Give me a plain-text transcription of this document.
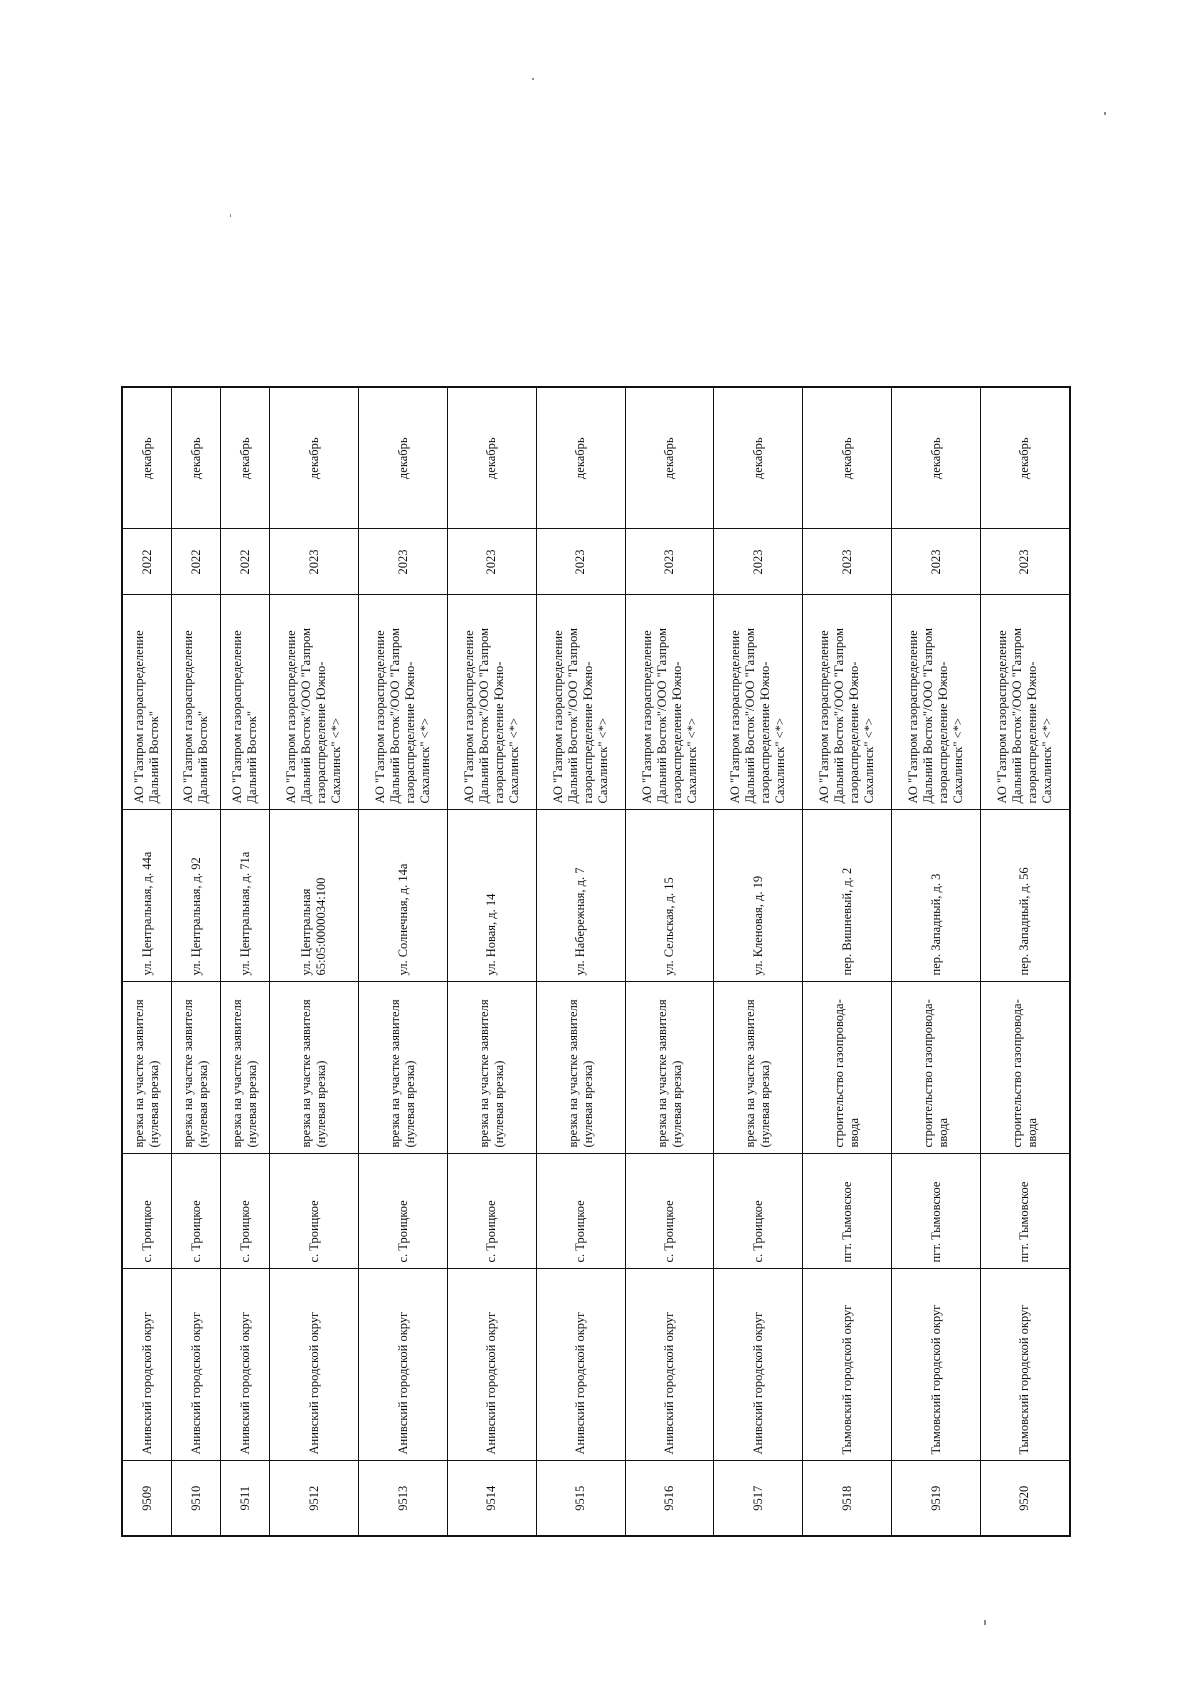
9509	Анивский городской округ	с. Троицкое	врезка на участке заявителя (нулевая врезка)	ул. Центральная, д. 44а	АО "Газпром газораспределение Дальний Восток"	2022	декабрь
9510	Анивский городской округ	с. Троицкое	врезка на участке заявителя (нулевая врезка)	ул. Центральная, д. 92	АО "Газпром газораспределение Дальний Восток"	2022	декабрь
9511	Анивский городской округ	с. Троицкое	врезка на участке заявителя (нулевая врезка)	ул. Центральная, д. 71а	АО "Газпром газораспределение Дальний Восток"	2022	декабрь
9512	Анивский городской округ	с. Троицкое	врезка на участке заявителя (нулевая врезка)	ул. Центральная 65:05:0000034:100	АО "Газпром газораспределение Дальний Восток"/ООО "Газпром газораспределение Южно-Сахалинск" <*>	2023	декабрь
9513	Анивский городской округ	с. Троицкое	врезка на участке заявителя (нулевая врезка)	ул. Солнечная, д. 14а	АО "Газпром газораспределение Дальний Восток"/ООО "Газпром газораспределение Южно-Сахалинск" <*>	2023	декабрь
9514	Анивский городской округ	с. Троицкое	врезка на участке заявителя (нулевая врезка)	ул. Новая, д. 14	АО "Газпром газораспределение Дальний Восток"/ООО "Газпром газораспределение Южно-Сахалинск" <*>	2023	декабрь
9515	Анивский городской округ	с. Троицкое	врезка на участке заявителя (нулевая врезка)	ул. Набережная, д. 7	АО "Газпром газораспределение Дальний Восток"/ООО "Газпром газораспределение Южно-Сахалинск" <*>	2023	декабрь
9516	Анивский городской округ	с. Троицкое	врезка на участке заявителя (нулевая врезка)	ул. Сельская, д. 15	АО "Газпром газораспределение Дальний Восток"/ООО "Газпром газораспределение Южно-Сахалинск" <*>	2023	декабрь
9517	Анивский городской округ	с. Троицкое	врезка на участке заявителя (нулевая врезка)	ул. Кленовая, д. 19	АО "Газпром газораспределение Дальний Восток"/ООО "Газпром газораспределение Южно-Сахалинск" <*>	2023	декабрь
9518	Тымовский городской округ	пгт. Тымовское	строительство газопровода-ввода	пер. Вишневый, д. 2	АО "Газпром газораспределение Дальний Восток"/ООО "Газпром газораспределение Южно-Сахалинск" <*>	2023	декабрь
9519	Тымовский городской округ	пгт. Тымовское	строительство газопровода-ввода	пер. Западный, д. 3	АО "Газпром газораспределение Дальний Восток"/ООО "Газпром газораспределение Южно-Сахалинск" <*>	2023	декабрь
9520	Тымовский городской округ	пгт. Тымовское	строительство газопровода-ввода	пер. Западный, д. 56	АО "Газпром газораспределение Дальний Восток"/ООО "Газпром газораспределение Южно-Сахалинск" <*>	2023	декабрь
